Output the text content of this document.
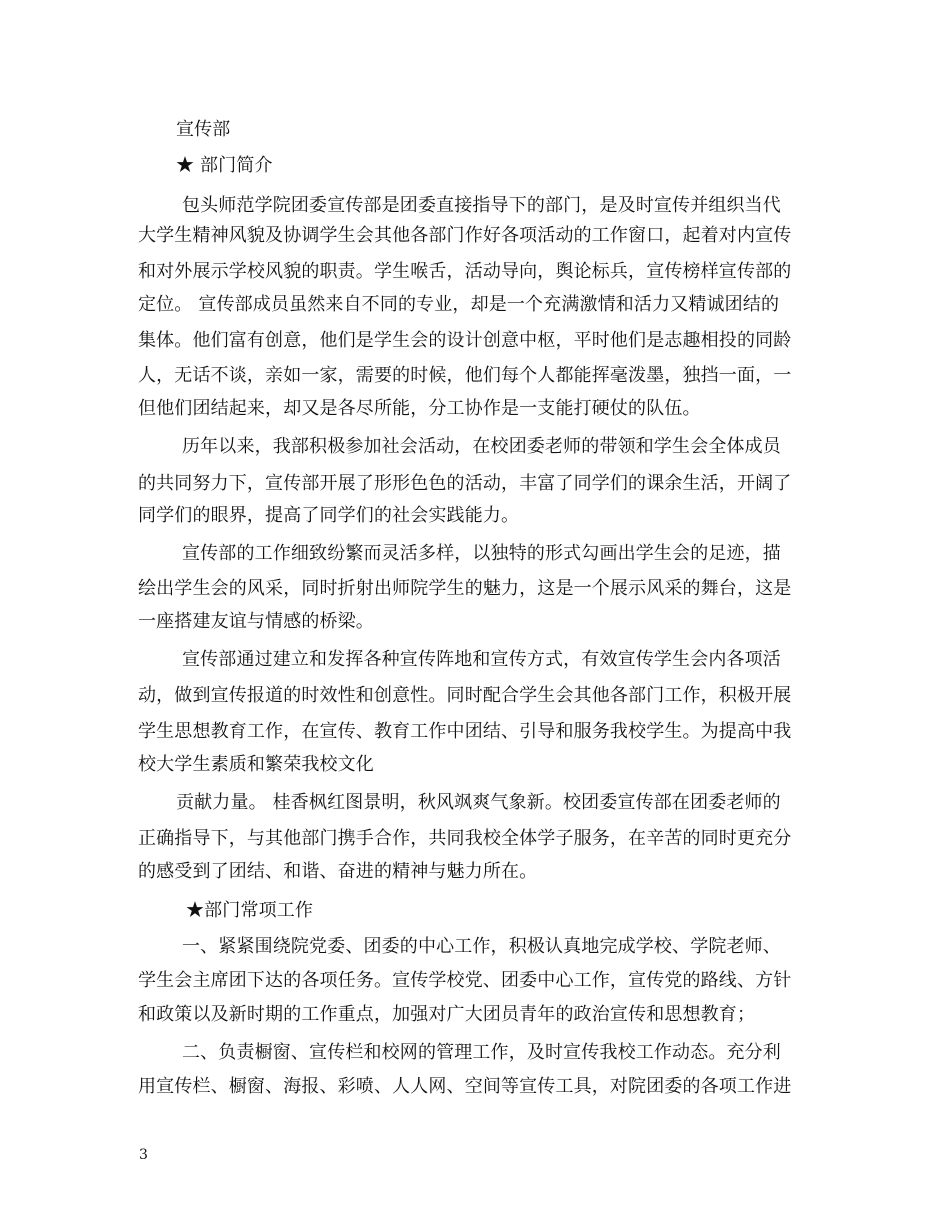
宣传部
★ 部门简介
包头师范学院团委宣传部是团委直接指导下的部门，是及时宣传并组织当代
大学生精神风貌及协调学生会其他各部门作好各项活动的工作窗口，起着对内宣传
和对外展示学校风貌的职责。学生喉舌，活动导向，舆论标兵，宣传榜样宣传部的
定位。 宣传部成员虽然来自不同的专业，却是一个充满激情和活力又精诚团结的
集体。他们富有创意，他们是学生会的设计创意中枢，平时他们是志趣相投的同龄
人，无话不谈，亲如一家，需要的时候，他们每个人都能挥毫泼墨，独挡一面，一
但他们团结起来，却又是各尽所能，分工协作是一支能打硬仗的队伍。
历年以来，我部积极参加社会活动，在校团委老师的带领和学生会全体成员
的共同努力下，宣传部开展了形形色色的活动，丰富了同学们的课余生活，开阔了
同学们的眼界，提高了同学们的社会实践能力。
宣传部的工作细致纷繁而灵活多样，以独特的形式勾画出学生会的足迹，描
绘出学生会的风采，同时折射出师院学生的魅力，这是一个展示风采的舞台，这是
一座搭建友谊与情感的桥梁。
宣传部通过建立和发挥各种宣传阵地和宣传方式，有效宣传学生会内各项活
动，做到宣传报道的时效性和创意性。同时配合学生会其他各部门工作，积极开展
学生思想教育工作，在宣传、教育工作中团结、引导和服务我校学生。为提高中我
校大学生素质和繁荣我校文化
贡献力量。 桂香枫红图景明，秋风飒爽气象新。校团委宣传部在团委老师的
正确指导下，与其他部门携手合作，共同我校全体学子服务，在辛苦的同时更充分
的感受到了团结、和谐、奋进的精神与魅力所在。
★部门常项工作
一、紧紧围绕院党委、团委的中心工作，积极认真地完成学校、学院老师、
学生会主席团下达的各项任务。宣传学校党、团委中心工作，宣传党的路线、方针
和政策以及新时期的工作重点，加强对广大团员青年的政治宣传和思想教育；
二、负责橱窗、宣传栏和校网的管理工作，及时宣传我校工作动态。充分利
用宣传栏、橱窗、海报、彩喷、人人网、空间等宣传工具，对院团委的各项工作进
3
